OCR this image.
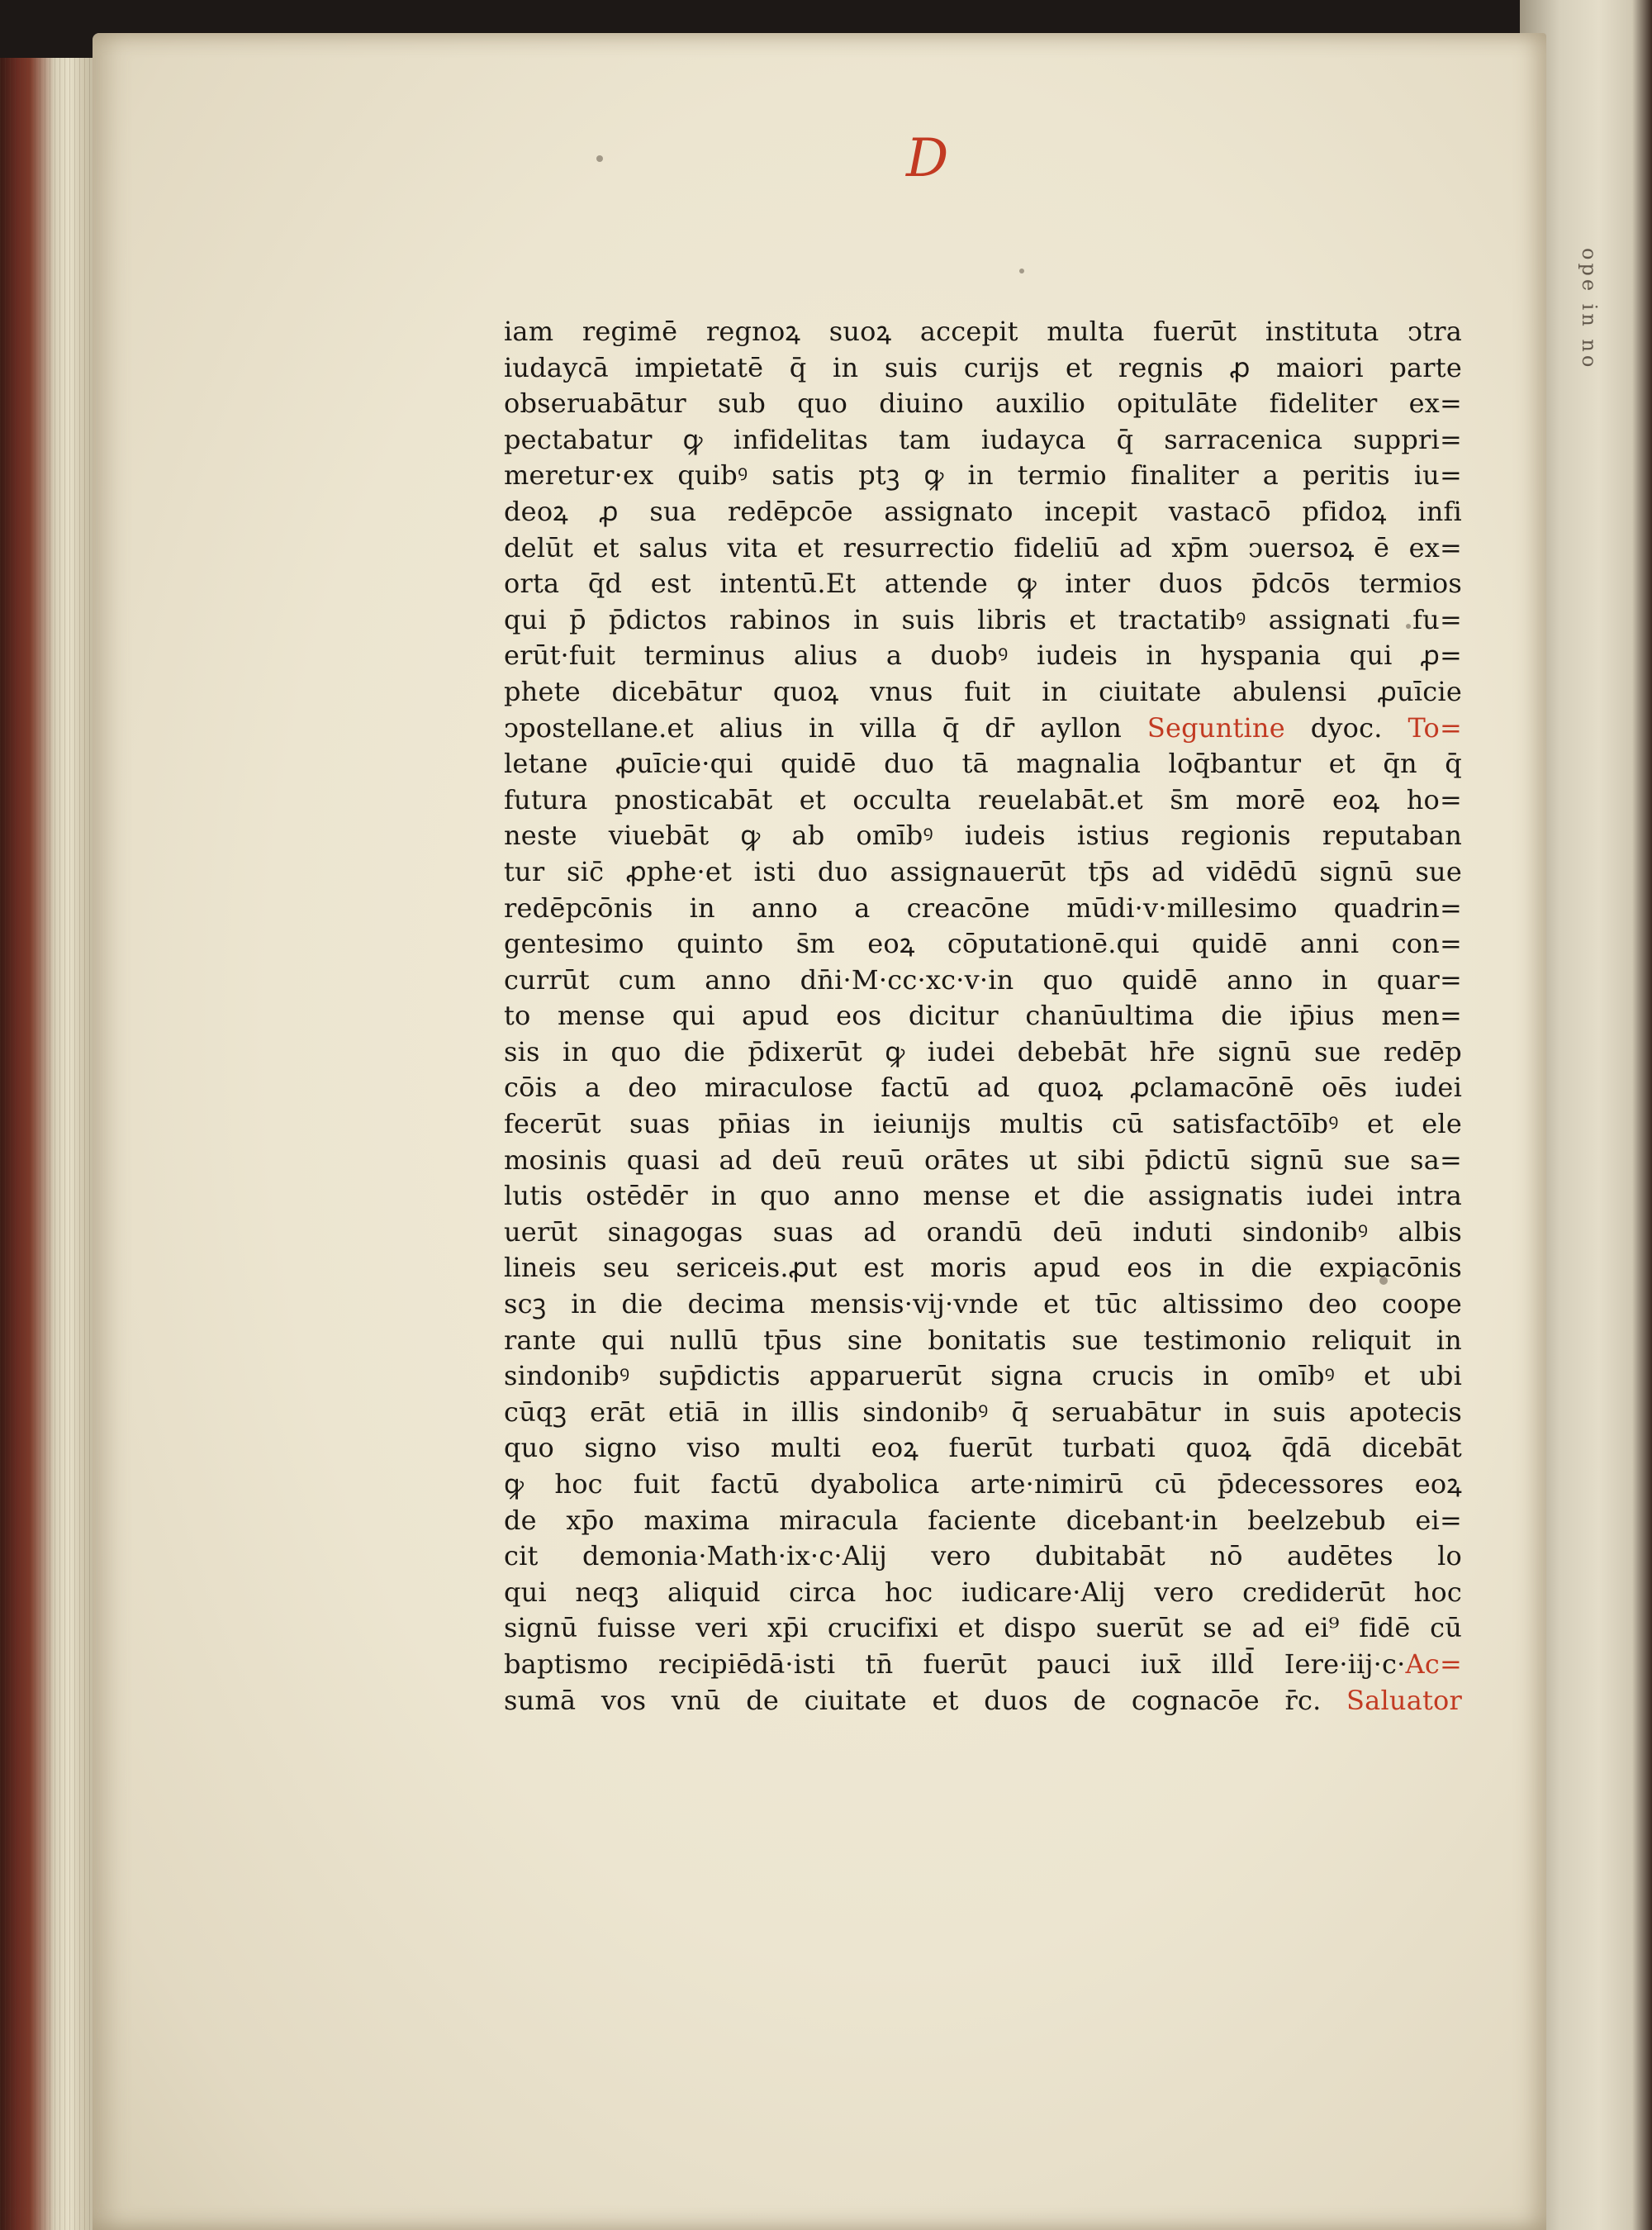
ope in no
D
iam regimē regnoꝝ suoꝝ accepit multa fuerūt instituta ↄtra
iudaycā impietatē q̄ in suis curijs et regnis ꝓ maiori parte
obseruabātur sub quo diuino auxilio opitulāte fideliter ex=
pectabatur ꝙ infidelitas tam iudayca q̄ sarracenica suppri=
meretur·ex quibꝰ satis ptꝫ ꝙ in termio finaliter a peritis iu=
deoꝝ ꝓ sua redēpcōe assignato incepit vastacō pfidoꝝ infi
delūt et salus vita et resurrectio fideliū ad xp̄m ↄuersoꝝ ē ex=
orta q̄d est intentū.Et attende ꝙ inter duos p̄dcōs termios
qui p̄ p̄dictos rabinos in suis libris et tractatibꝰ assignati fu=
erūt·fuit terminus alius a duobꝰ iudeis in hyspania qui ꝓ=
phete dicebātur quoꝝ vnus fuit in ciuitate abulensi ꝓuīcie
ↄpostellane.et alius in villa q̄ dr̄ ayllon Seguntine dyoc. To=
letane ꝓuīcie·qui quidē duo tā magnalia loq̄bantur et q̄n q̄
futura pnosticabāt et occulta reuelabāt.et s̄m morē eoꝝ ho=
neste viuebāt ꝙ ab omībꝰ iudeis istius regionis reputaban
tur sic̄ ꝓphe·et isti duo assignauerūt tp̄s ad vidēdū signū sue
redēpcōnis in anno a creacōne mūdi·v·millesimo quadrin=
gentesimo quinto s̄m eoꝝ cōputationē.qui quidē anni con=
currūt cum anno dn̄i·M·cc·xc·v·in quo quidē anno in quar=
to mense qui apud eos dicitur chanūultima die ip̄ius men=
sis in quo die p̄dixerūt ꝙ iudei debebāt hr̄e signū sue redēp
cōis a deo miraculose factū ad quoꝝ ꝓclamacōnē oēs iudei
fecerūt suas pn̄ias in ieiunijs multis cū satisfactōībꝰ et ele
mosinis quasi ad deū reuū orātes ut sibi p̄dictū signū sue sa=
lutis ostēdēr in quo anno mense et die assignatis iudei intra
uerūt sinagogas suas ad orandū deū induti sindonibꝰ albis
lineis seu sericeis.ꝓut est moris apud eos in die expiacōnis
scꝫ in die decima mensis·vij·vnde et tūc altissimo deo coope
rante qui nullū tp̄us sine bonitatis sue testimonio reliquit in
sindonibꝰ sup̄dictis apparuerūt signa crucis in omībꝰ et ubi
cūqꝫ erāt etiā in illis sindonibꝰ q̄ seruabātur in suis apotecis
quo signo viso multi eoꝝ fuerūt turbati quoꝝ q̄dā dicebāt
ꝙ hoc fuit factū dyabolica arte·nimirū cū p̄decessores eoꝝ
de xp̄o maxima miracula faciente dicebant·in beelzebub ei=
cit demonia·Math·ix·c·Alij vero dubitabāt nō audētes lo
qui neqꝫ aliquid circa hoc iudicare·Alij vero crediderūt hoc
signū fuisse veri xp̄i crucifixi et dispo suerūt se ad ei⁹ fidē cū
baptismo recipiēdā·isti tn̄ fuerūt pauci iux̄ illd̄ Iere·iij·c·Ac=
sumā vos vnū de ciuitate et duos de cognacōe r̄c. Saluator
